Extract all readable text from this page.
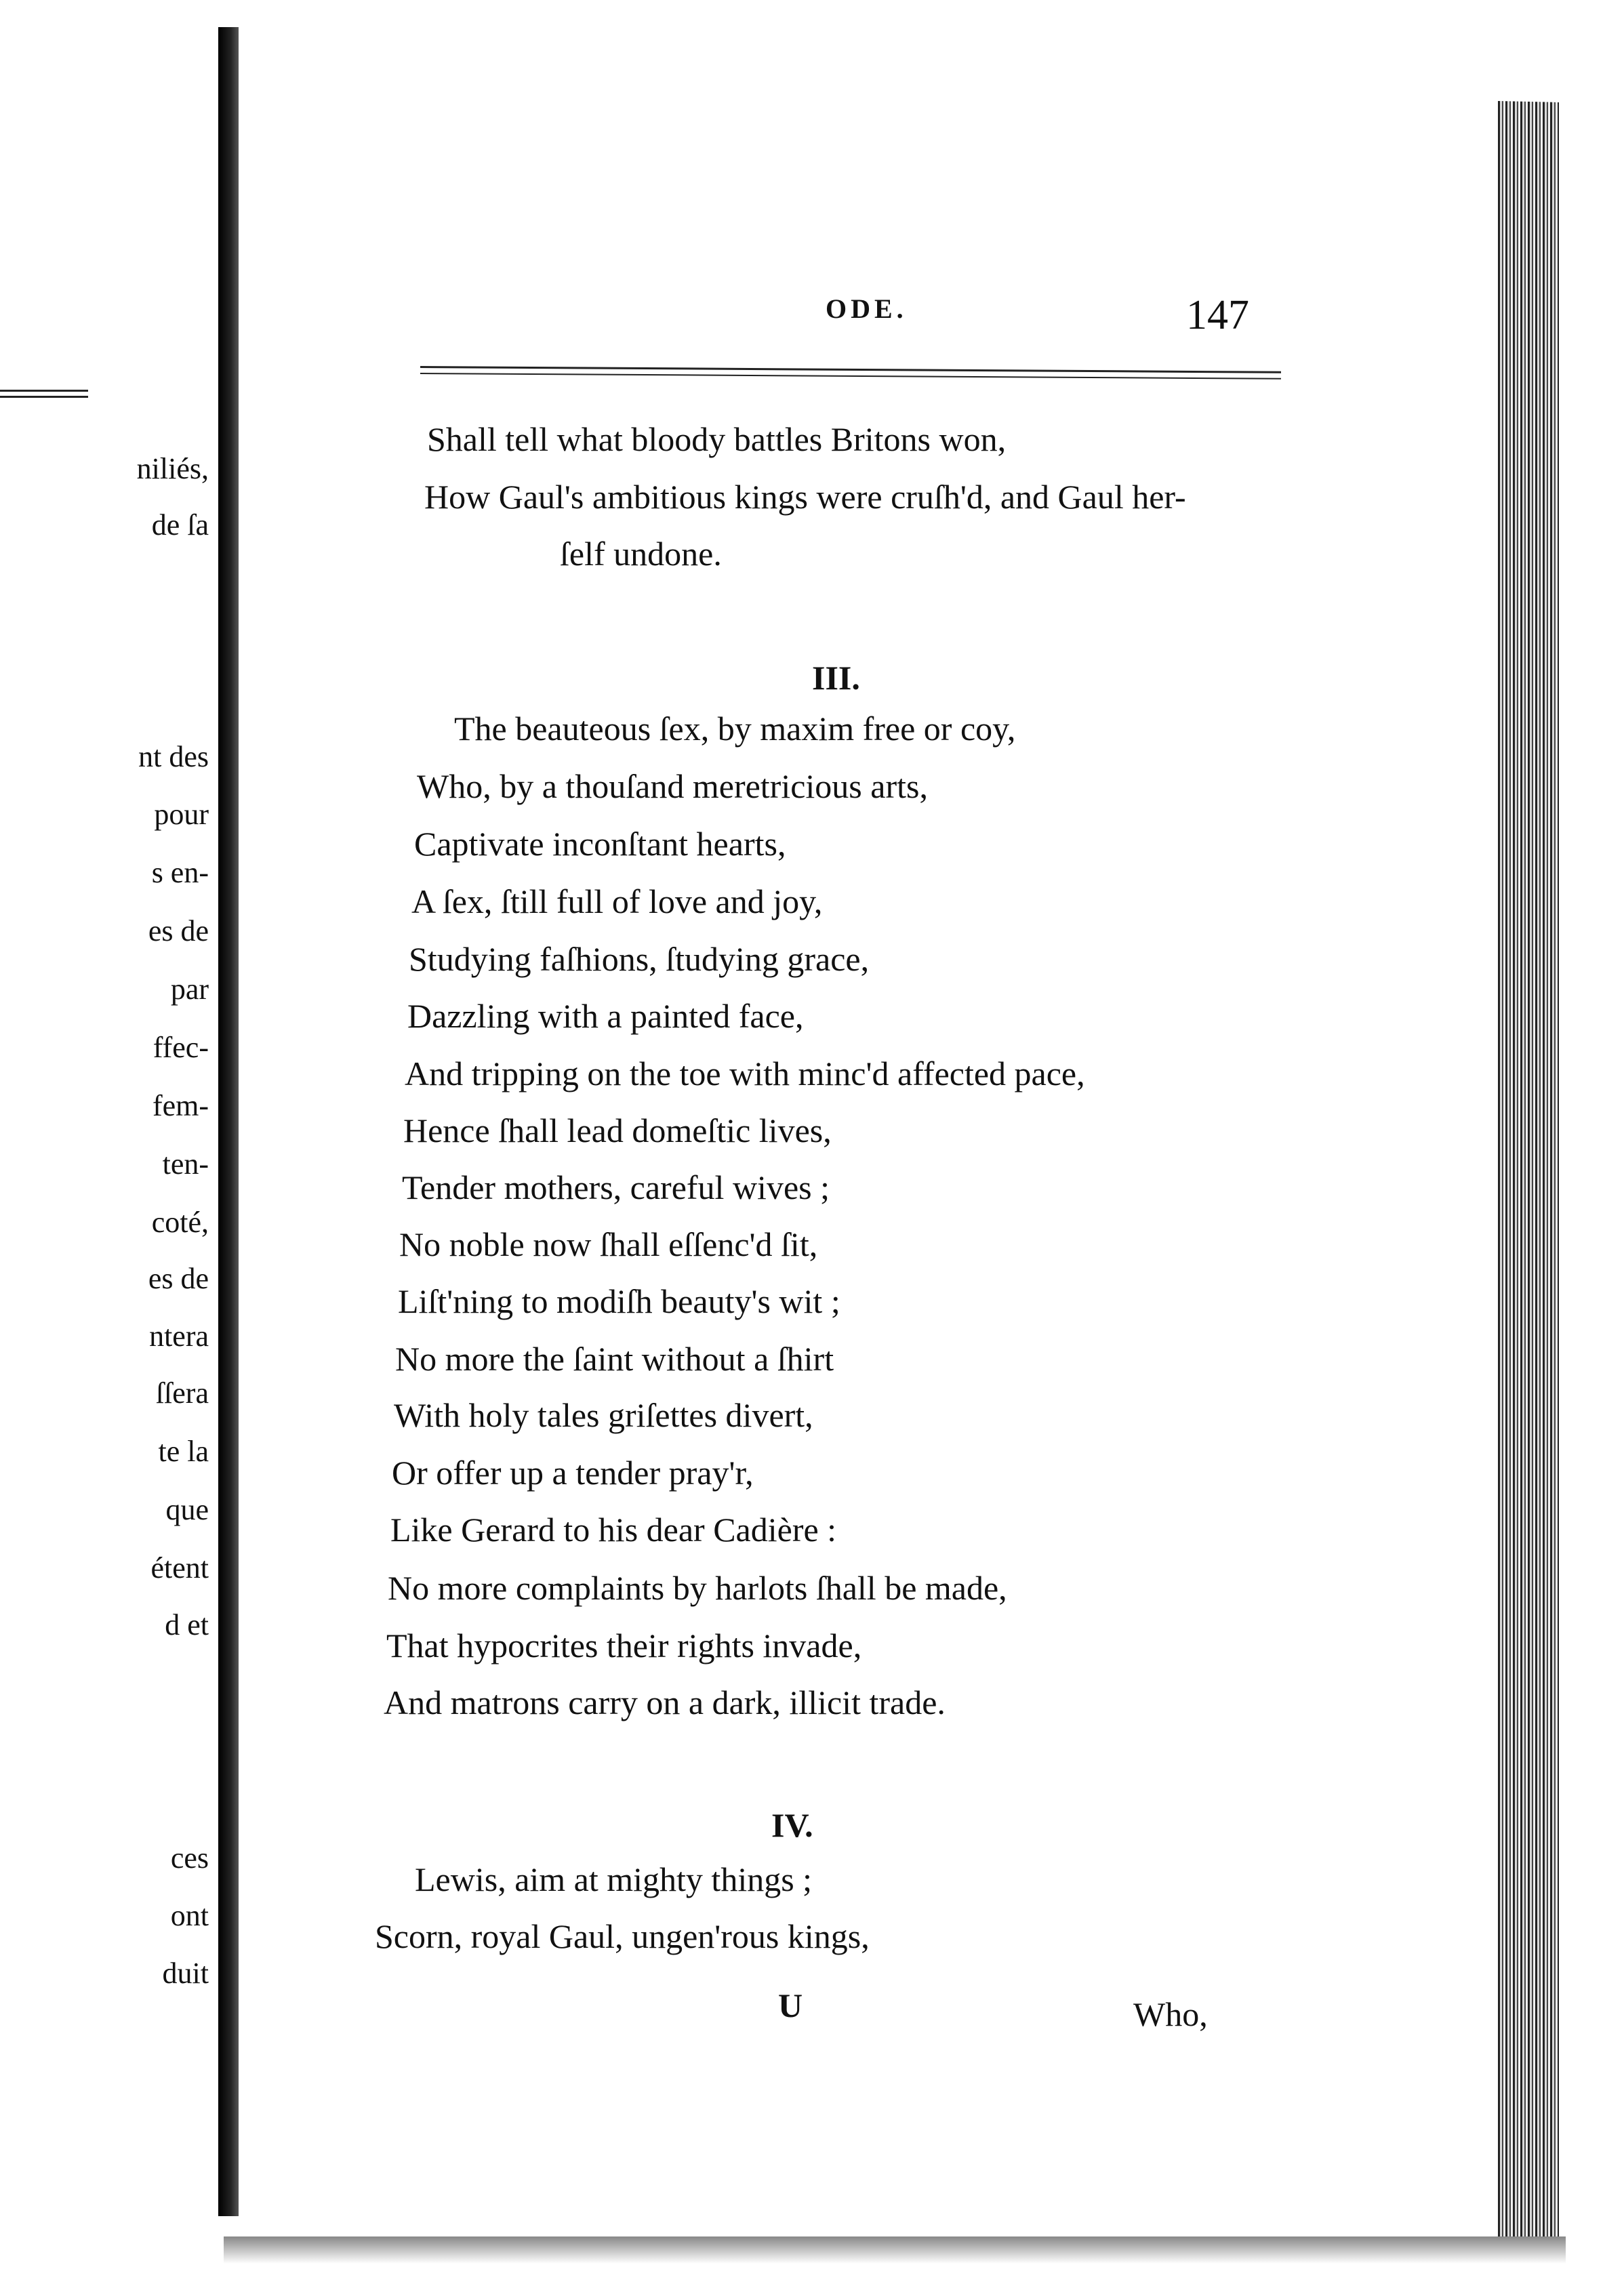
niliés,
de ſa
nt des
pour
s en-
es de
par
ffec-
fem-
ten-
coté,
es de
ntera
ſſera
te la
que
étent
d et
ces
ont
duit
ODE.	147
Shall tell what bloody battles Britons won,
How Gaul's ambitious kings were cruſh'd, and Gaul her-
ſelf undone.
III.
The beauteous ſex, by maxim free or coy,
Who, by a thouſand meretricious arts,
Captivate inconſtant hearts,
A ſex, ſtill full of love and joy,
Studying faſhions, ſtudying grace,
Dazzling with a painted face,
And tripping on the toe with minc'd affected pace,
Hence ſhall lead domeſtic lives,
Tender mothers, careful wives ;
No noble now ſhall eſſenc'd ſit,
Liſt'ning to modiſh beauty's wit ;
No more the ſaint without a ſhirt
With holy tales griſettes divert,
Or offer up a tender pray'r,
Like Gerard to his dear Cadière :
No more complaints by harlots ſhall be made,
That hypocrites their rights invade,
And matrons carry on a dark, illicit trade.
IV.
Lewis, aim at mighty things ;
Scorn, royal Gaul, ungen'rous kings,
U	Who,
